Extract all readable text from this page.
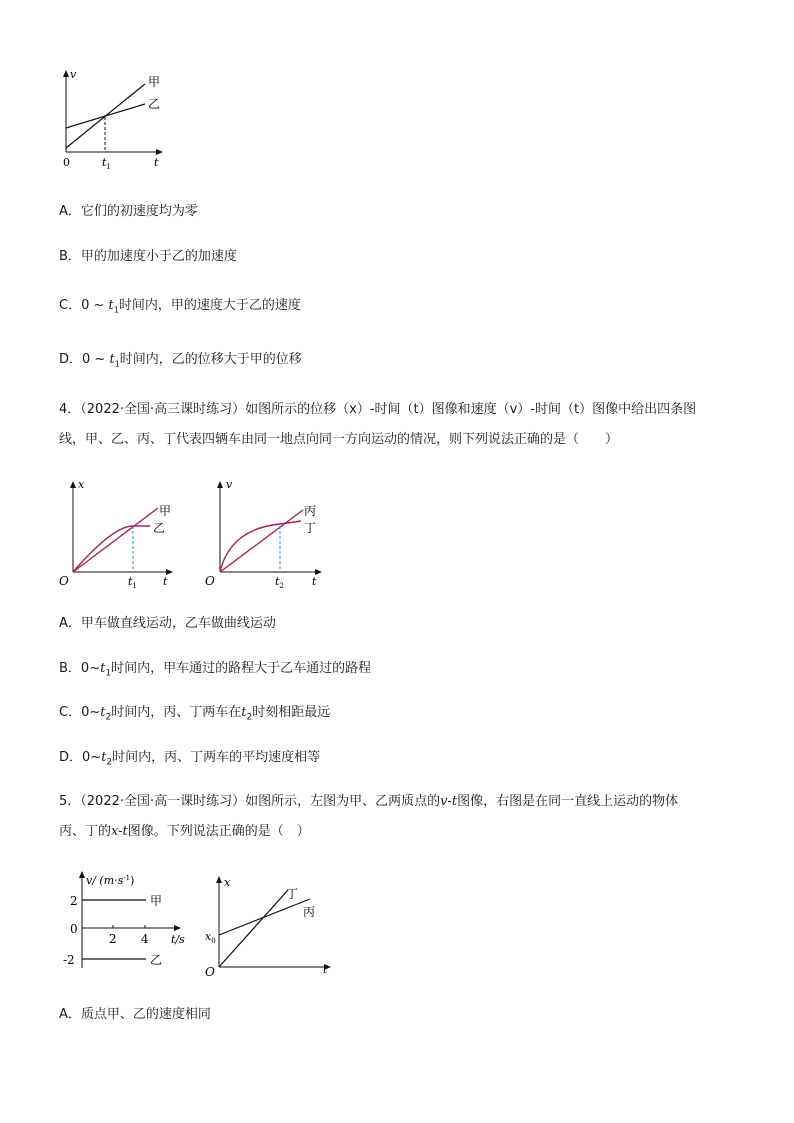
v
t
0	$t_1$
甲
乙
A．它们的初速度均为零
B．甲的加速度小于乙的加速度
C．0 ~ $t_1$时间内，甲的速度大于乙的速度
D．0 ~ $t_1$时间内，乙的位移大于甲的位移
4．（2022·全国·高三课时练习）如图所示的位移（x）-时间（t）图像和速度（v）-时间（t）图像中给出四条图
线，甲、乙、丙、丁代表四辆车由同一地点向同一方向运动的情况，则下列说法正确的是（　　）
x
t
O	$t_1$
甲
乙
v
t
O	$t_2$
丙
丁
A．甲车做直线运动，乙车做曲线运动
B．$0\sim t_1$时间内，甲车通过的路程大于乙车通过的路程
C．$0\sim t_2$时间内，丙、丁两车在$t_2$时刻相距最远
D．$0\sim t_2$时间内，丙、丁两车的平均速度相等
5．（2022·全国·高一课时练习）如图所示，左图为甲、乙两质点的v-t图像，右图是在同一直线上运动的物体
丙、丁的x-t图像。下列说法正确的是（　）
v/ $(m\cdot s^{-1})$
t/s
2 4
0
2
-2
甲
乙
x
t
O
$x_0$
丁
丙
A．质点甲、乙的速度相同
